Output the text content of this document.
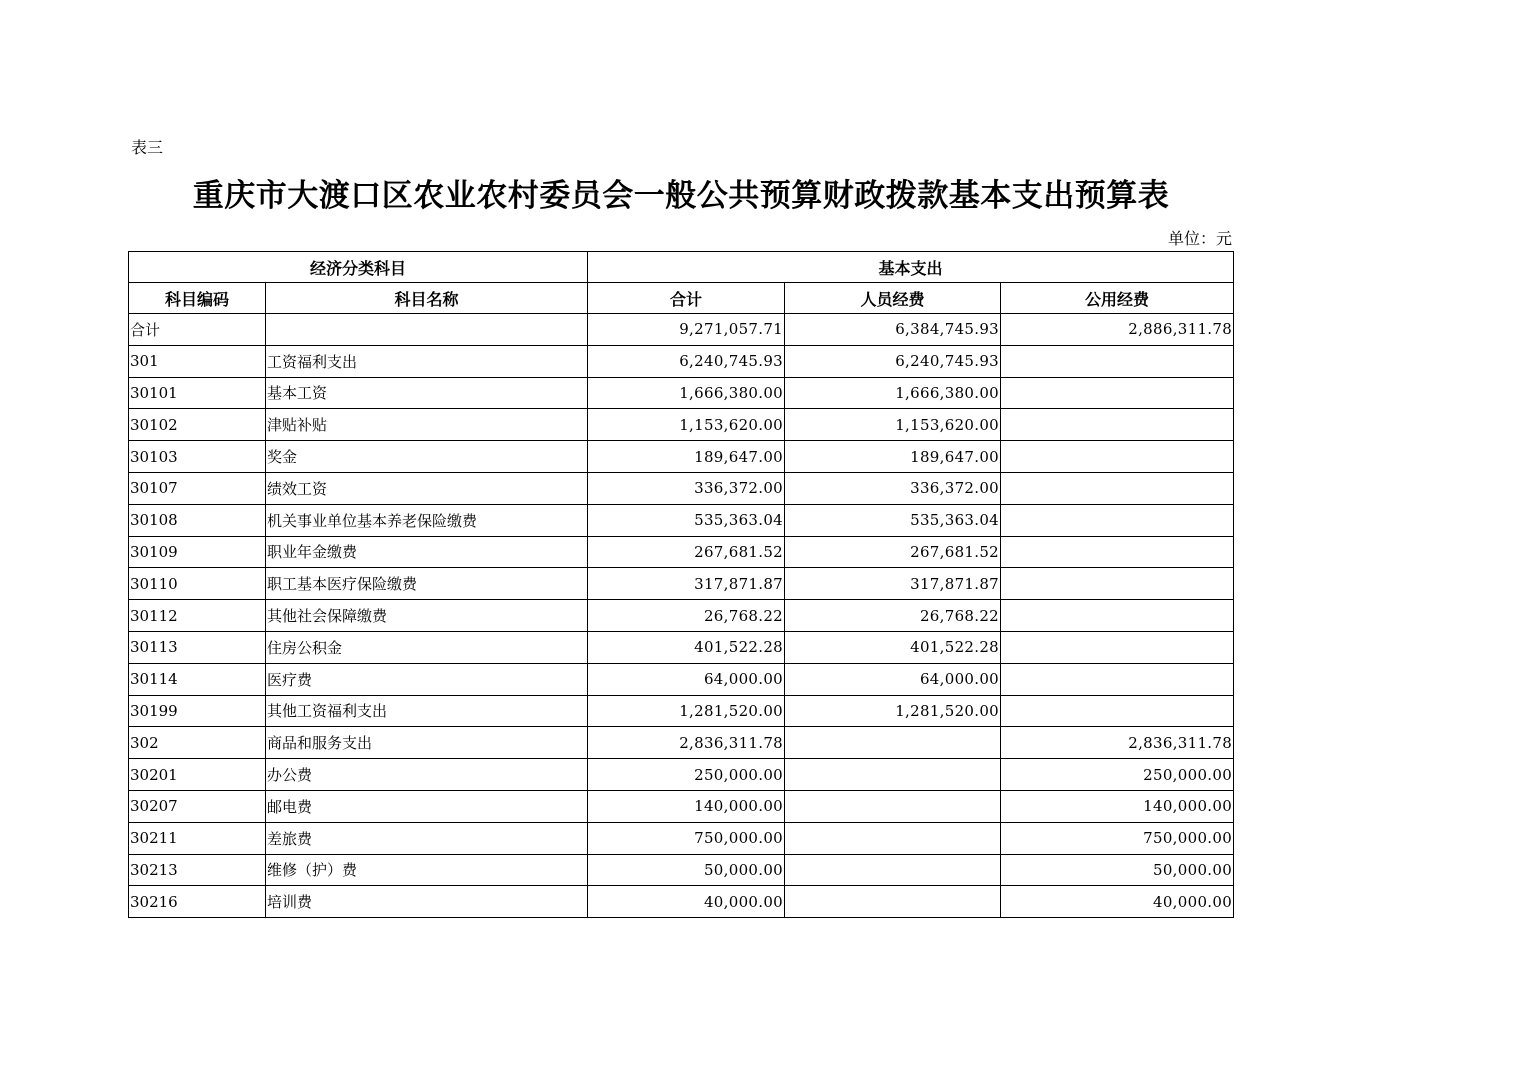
表三
重庆市大渡口区农业农村委员会一般公共预算财政拨款基本支出预算表
单位：元
经济分类科目		基本支出		
科目编码	科目名称	合计	人员经费	公用经费
合计		9,271,057.71	6,384,745.93	2,886,311.78
301	工资福利支出	6,240,745.93	6,240,745.93	
30101	基本工资	1,666,380.00	1,666,380.00	
30102	津贴补贴	1,153,620.00	1,153,620.00	
30103	奖金	189,647.00	189,647.00	
30107	绩效工资	336,372.00	336,372.00	
30108	机关事业单位基本养老保险缴费	535,363.04	535,363.04	
30109	职业年金缴费	267,681.52	267,681.52	
30110	职工基本医疗保险缴费	317,871.87	317,871.87	
30112	其他社会保障缴费	26,768.22	26,768.22	
30113	住房公积金	401,522.28	401,522.28	
30114	医疗费	64,000.00	64,000.00	
30199	其他工资福利支出	1,281,520.00	1,281,520.00	
302	商品和服务支出	2,836,311.78		2,836,311.78
30201	办公费	250,000.00		250,000.00
30207	邮电费	140,000.00		140,000.00
30211	差旅费	750,000.00		750,000.00
30213	维修（护）费	50,000.00		50,000.00
30216	培训费	40,000.00		40,000.00
